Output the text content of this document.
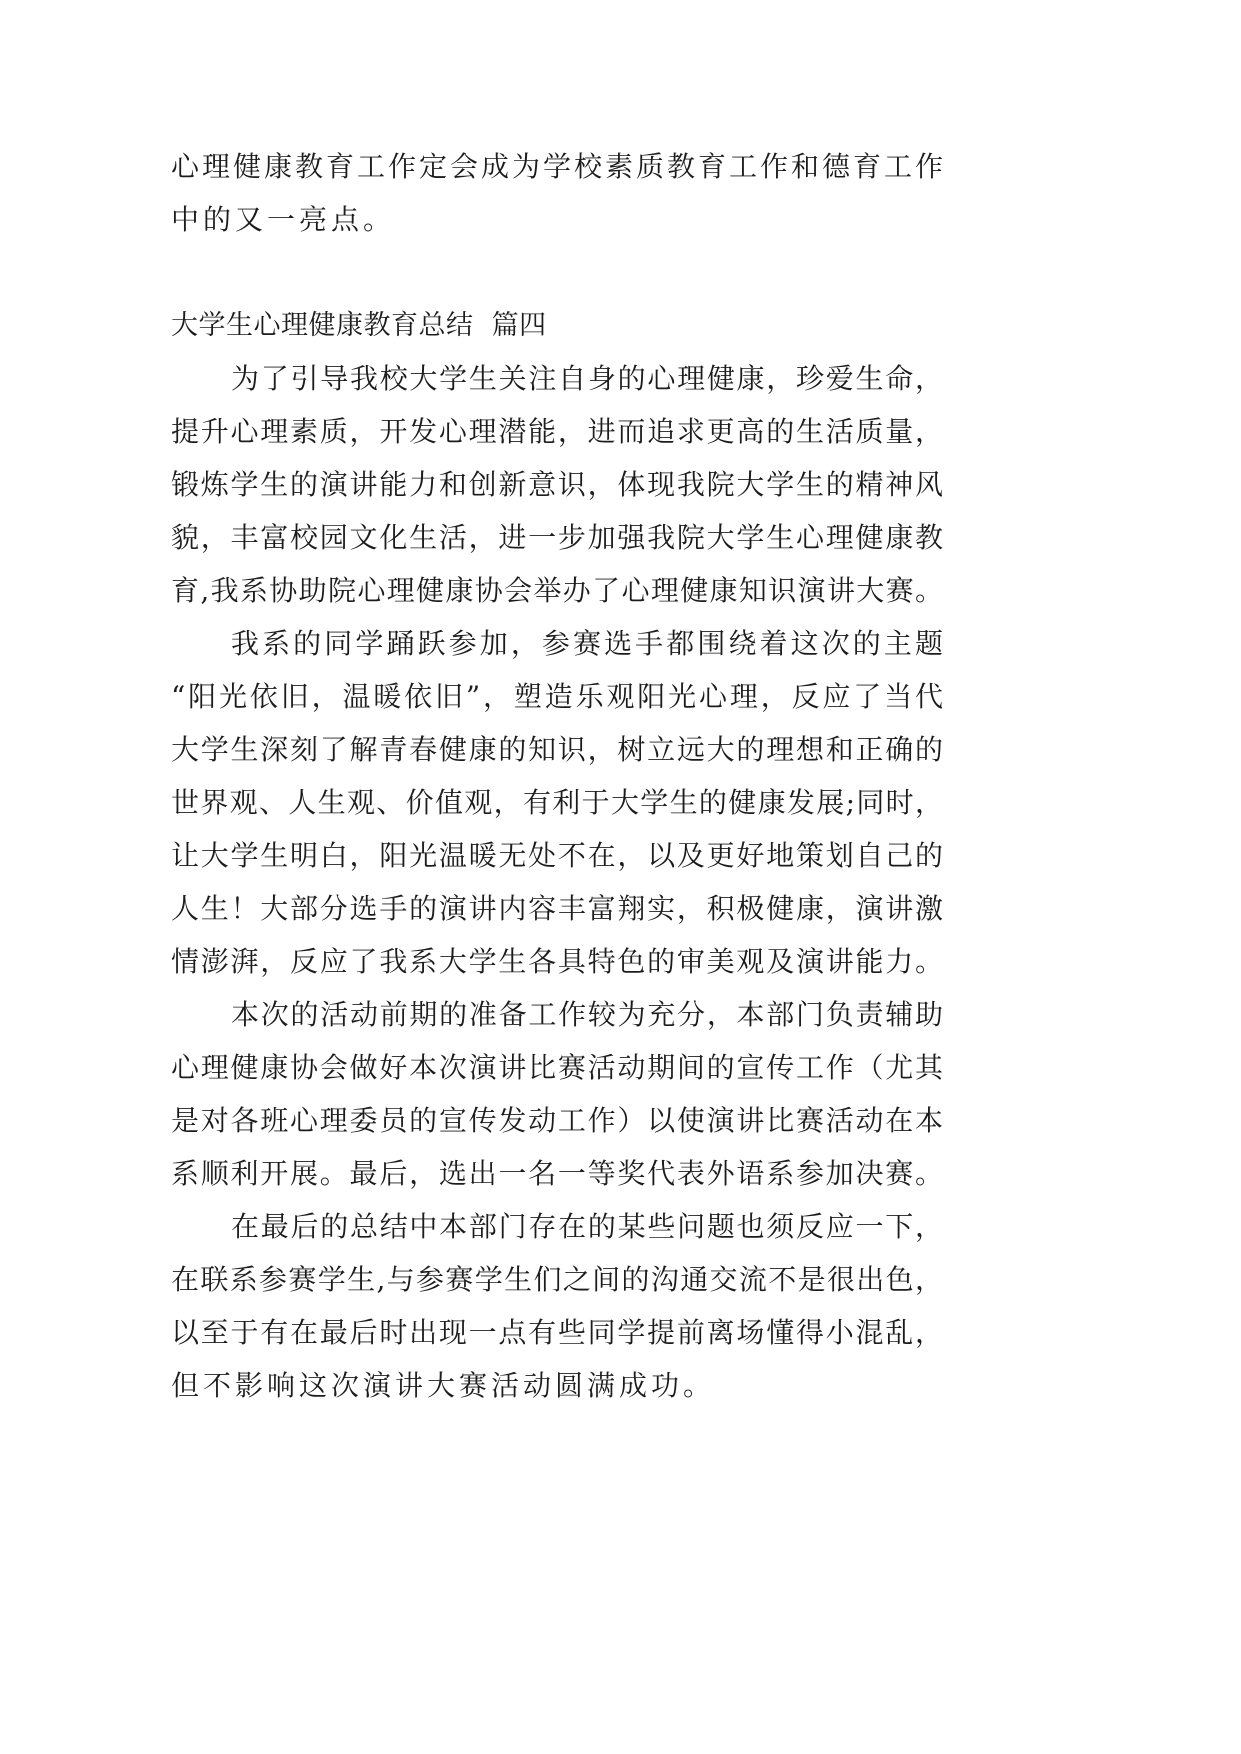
心理健康教育工作定会成为学校素质教育工作和德育工作
中的又一亮点。
大学生心理健康教育总结  篇四
为了引导我校大学生关注自身的心理健康，珍爱生命，
提升心理素质，开发心理潜能，进而追求更高的生活质量，
锻炼学生的演讲能力和创新意识，体现我院大学生的精神风
貌，丰富校园文化生活，进一步加强我院大学生心理健康教
育,我系协助院心理健康协会举办了心理健康知识演讲大赛。
我系的同学踊跃参加，参赛选手都围绕着这次的主题
“阳光依旧，温暖依旧”，塑造乐观阳光心理，反应了当代
大学生深刻了解青春健康的知识，树立远大的理想和正确的
世界观、人生观、价值观，有利于大学生的健康发展;同时，
让大学生明白，阳光温暖无处不在，以及更好地策划自己的
人生！大部分选手的演讲内容丰富翔实，积极健康，演讲激
情澎湃，反应了我系大学生各具特色的审美观及演讲能力。
本次的活动前期的准备工作较为充分，本部门负责辅助
心理健康协会做好本次演讲比赛活动期间的宣传工作（尤其
是对各班心理委员的宣传发动工作）以使演讲比赛活动在本
系顺利开展。最后，选出一名一等奖代表外语系参加决赛。
在最后的总结中本部门存在的某些问题也须反应一下，
在联系参赛学生,与参赛学生们之间的沟通交流不是很出色，
以至于有在最后时出现一点有些同学提前离场懂得小混乱，
但不影响这次演讲大赛活动圆满成功。
